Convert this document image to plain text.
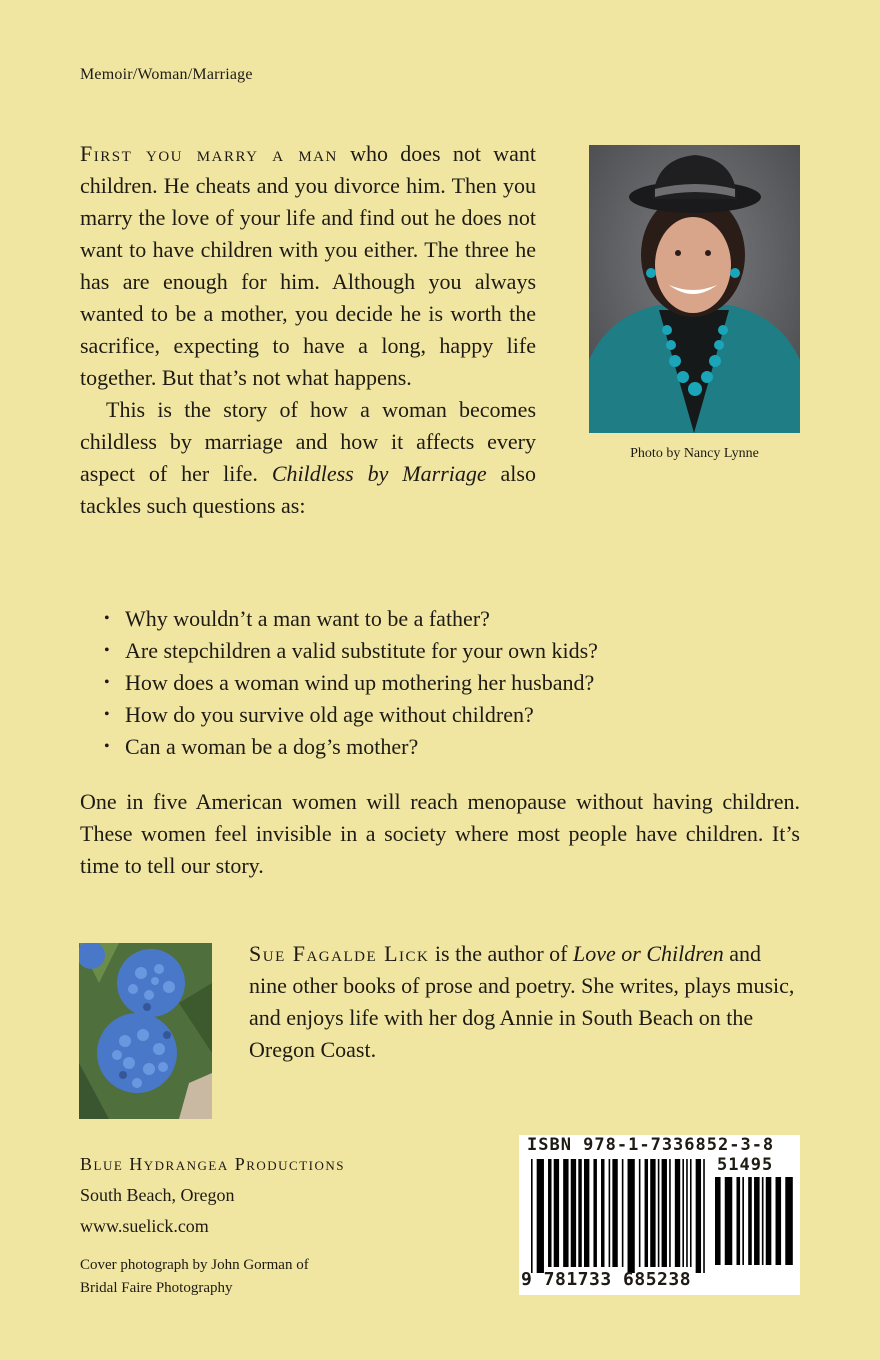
Memoir/Woman/Marriage

First you marry a man who does not want children. He cheats and you divorce him. Then you marry the love of your life and find out he does not want to have children with you either. The three he has are enough for him. Although you always wanted to be a mother, you decide he is worth the sacrifice, expecting to have a long, happy life together. But that’s not what happens.

This is the story of how a woman becomes childless by marriage and how it affects every aspect of her life. Childless by Marriage also tackles such questions as:

Photo by Nancy Lynne
• Why wouldn’t a man want to be a father?
• Are stepchildren a valid substitute for your own kids?
• How does a woman wind up mothering her husband?
• How do you survive old age without children?
• Can a woman be a dog’s mother?

One in five American women will reach menopause without having children. These women feel invisible in a society where most people have children. It’s time to tell our story.

Sue Fagalde Lick is the author of Love or Children and nine other books of prose and poetry. She writes, plays music, and enjoys life with her dog Annie in South Beach on the Oregon Coast.

Blue Hydrangea Productions
South Beach, Oregon
www.suelick.com
Cover photograph by John Gorman of
Bridal Faire Photography
ISBN 978-1-7336852-3-8
51495
9 781733 685238
